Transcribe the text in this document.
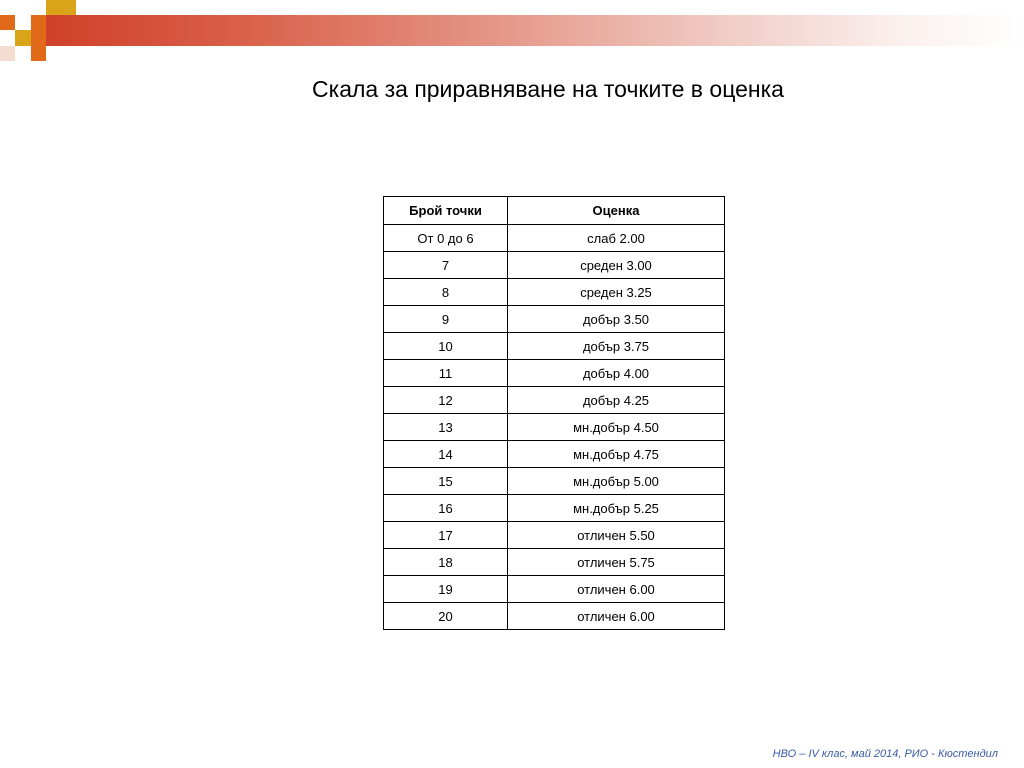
Скала за приравняване на точките в оценка
Брой точки	Оценка
От 0 до 6	слаб 2.00
7	среден 3.00
8	среден 3.25
9	добър 3.50
10	добър 3.75
11	добър 4.00
12	добър 4.25
13	мн.добър 4.50
14	мн.добър 4.75
15	мн.добър 5.00
16	мн.добър 5.25
17	отличен 5.50
18	отличен 5.75
19	отличен 6.00
20	отличен 6.00
НВО – IV клас, май 2014, РИО - Кюстендил
